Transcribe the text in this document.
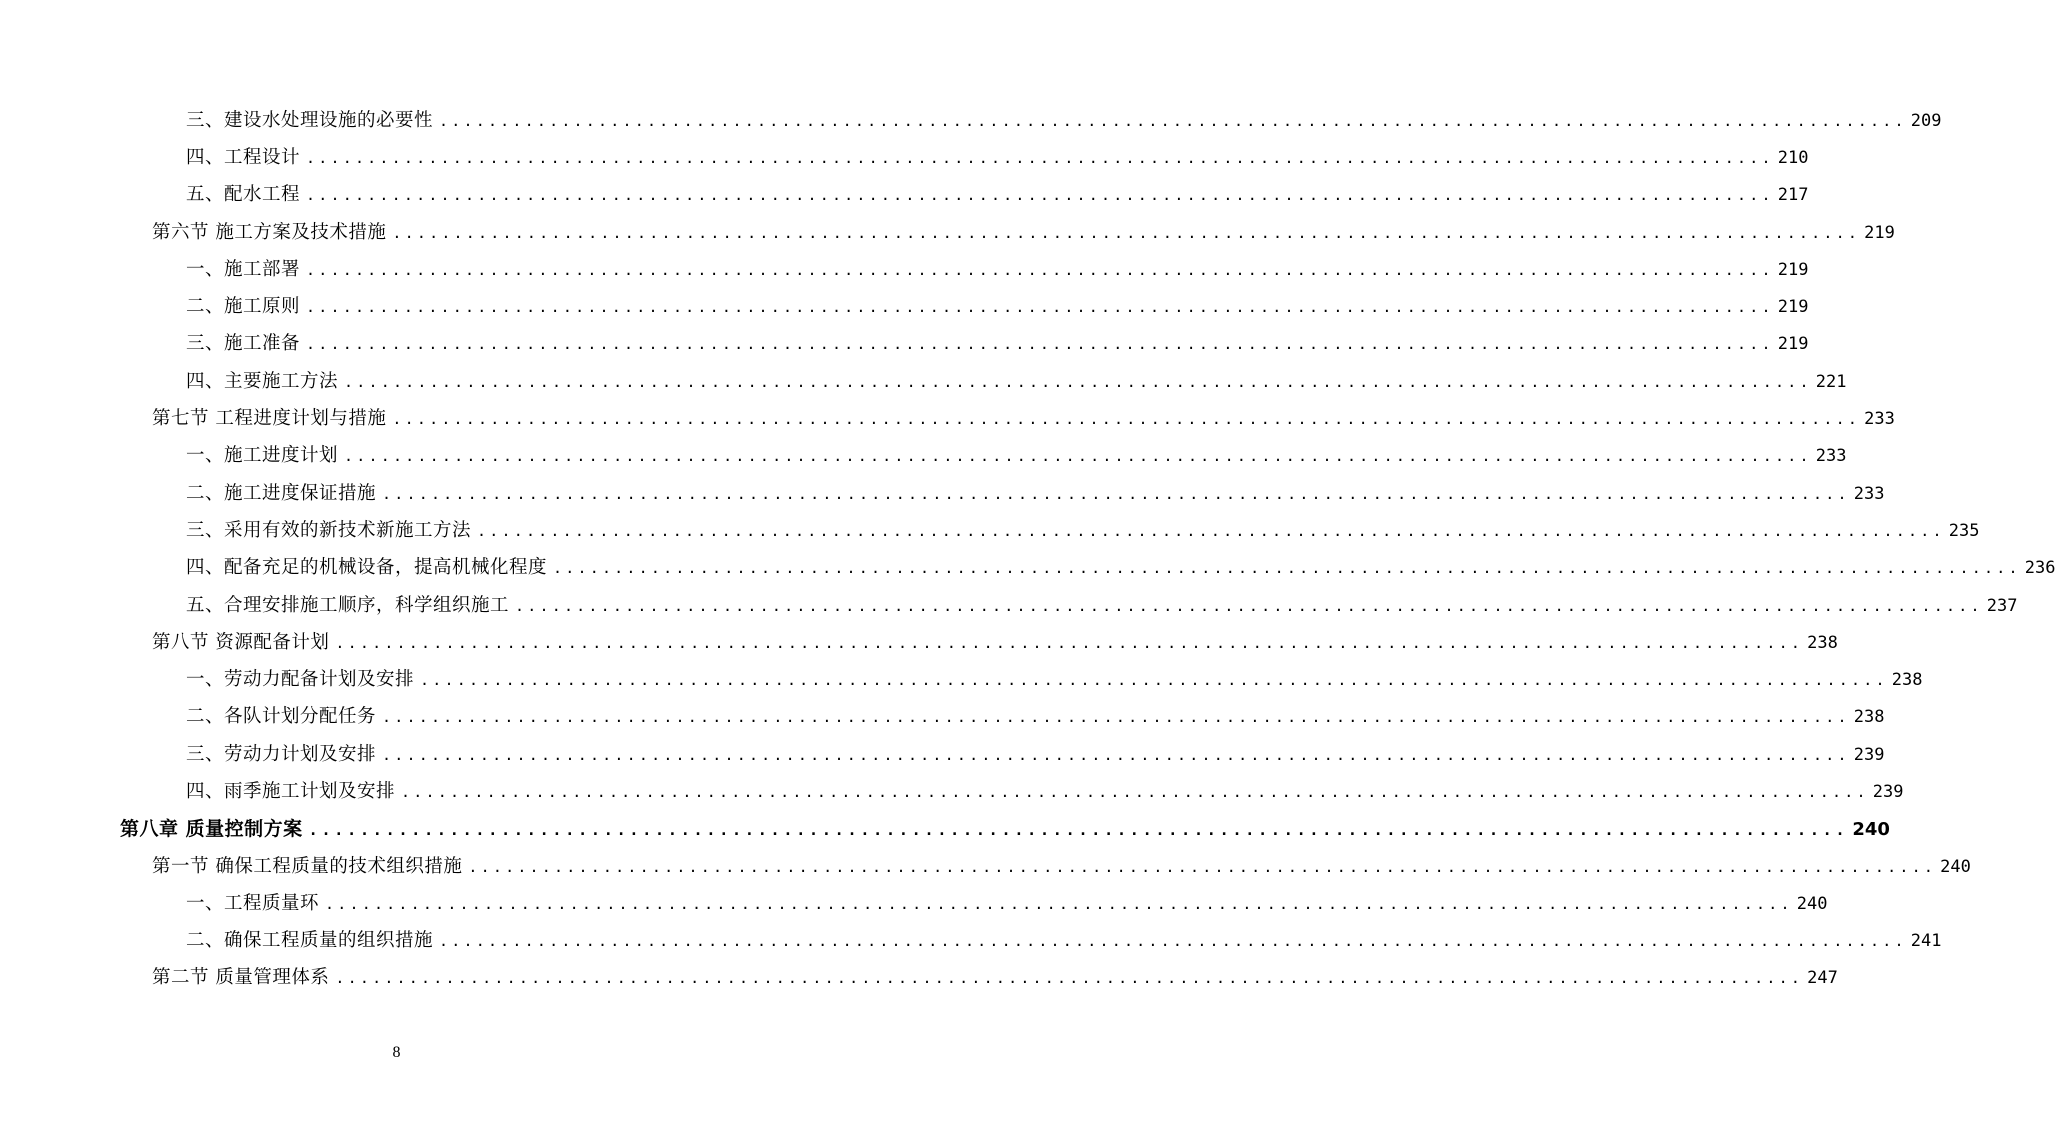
三、建设水处理设施的必要性 ........................................................................................................................ 209
四、工程设计 ........................................................................................................................ 210
五、配水工程 ........................................................................................................................ 217
第六节 施工方案及技术措施 ........................................................................................................................ 219
一、施工部署 ........................................................................................................................ 219
二、施工原则 ........................................................................................................................ 219
三、施工准备 ........................................................................................................................ 219
四、主要施工方法 ........................................................................................................................ 221
第七节 工程进度计划与措施 ........................................................................................................................ 233
一、施工进度计划 ........................................................................................................................ 233
二、施工进度保证措施 ........................................................................................................................ 233
三、采用有效的新技术新施工方法 ........................................................................................................................ 235
四、配备充足的机械设备，提高机械化程度 ........................................................................................................................ 236
五、合理安排施工顺序，科学组织施工 ........................................................................................................................ 237
第八节 资源配备计划 ........................................................................................................................ 238
一、劳动力配备计划及安排 ........................................................................................................................ 238
二、各队计划分配任务 ........................................................................................................................ 238
三、劳动力计划及安排 ........................................................................................................................ 239
四、雨季施工计划及安排 ........................................................................................................................ 239
第八章 质量控制方案 ........................................................................................................................ 240
第一节 确保工程质量的技术组织措施 ........................................................................................................................ 240
一、工程质量环 ........................................................................................................................ 240
二、确保工程质量的组织措施 ........................................................................................................................ 241
第二节 质量管理体系 ........................................................................................................................ 247
8
